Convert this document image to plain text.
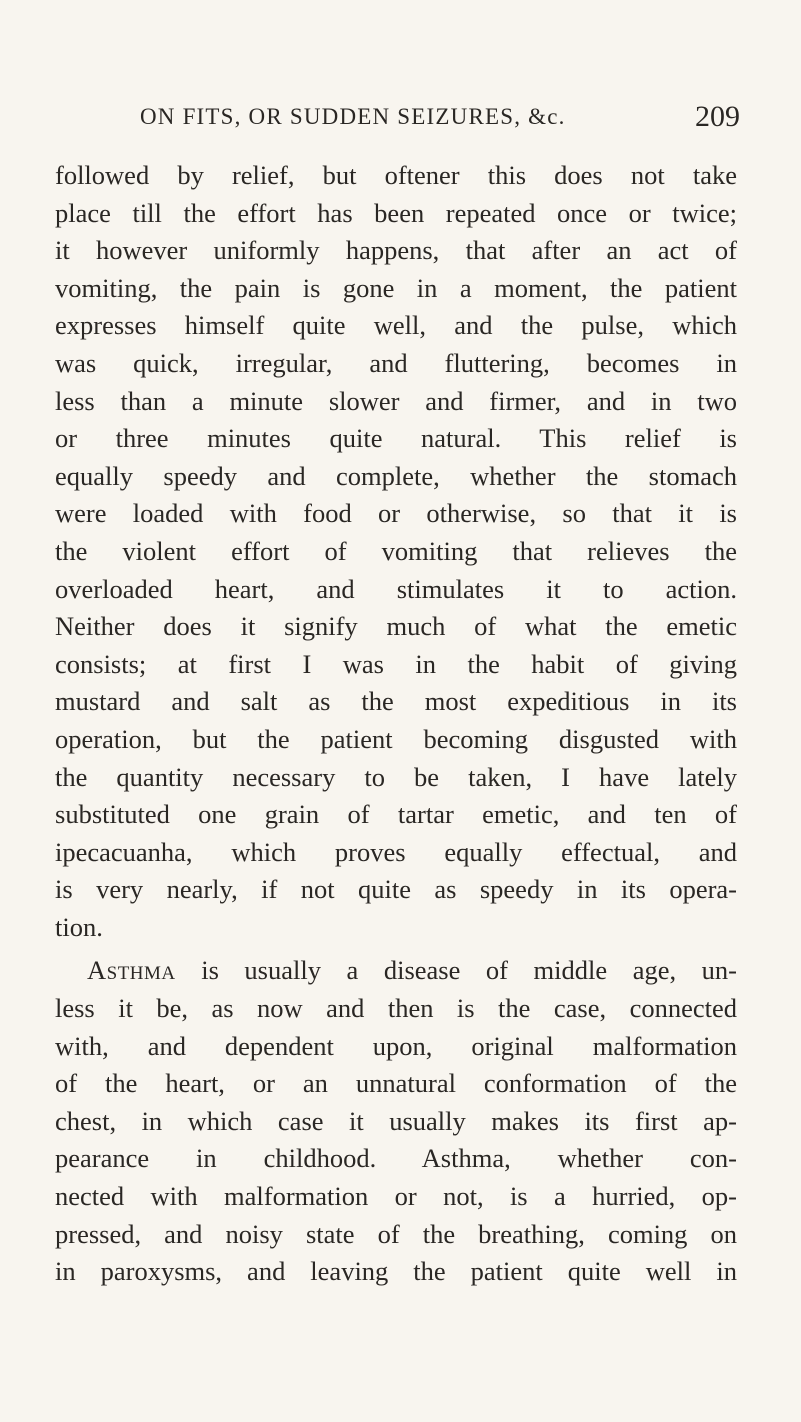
ON FITS, OR SUDDEN SEIZURES, &c.	209
followed by relief, but oftener this does not take
place till the effort has been repeated once or twice;
it however uniformly happens, that after an act of
vomiting, the pain is gone in a moment, the patient
expresses himself quite well, and the pulse, which
was quick, irregular, and fluttering, becomes in
less than a minute slower and firmer, and in two
or three minutes quite natural. This relief is
equally speedy and complete, whether the stomach
were loaded with food or otherwise, so that it is
the violent effort of vomiting that relieves the
overloaded heart, and stimulates it to action.
Neither does it signify much of what the emetic
consists; at first I was in the habit of giving
mustard and salt as the most expeditious in its
operation, but the patient becoming disgusted with
the quantity necessary to be taken, I have lately
substituted one grain of tartar emetic, and ten of
ipecacuanha, which proves equally effectual, and
is very nearly, if not quite as speedy in its opera-
tion.
Asthma is usually a disease of middle age, un-
less it be, as now and then is the case, connected
with, and dependent upon, original malformation
of the heart, or an unnatural conformation of the
chest, in which case it usually makes its first ap-
pearance in childhood. Asthma, whether con-
nected with malformation or not, is a hurried, op-
pressed, and noisy state of the breathing, coming on
in paroxysms, and leaving the patient quite well in
